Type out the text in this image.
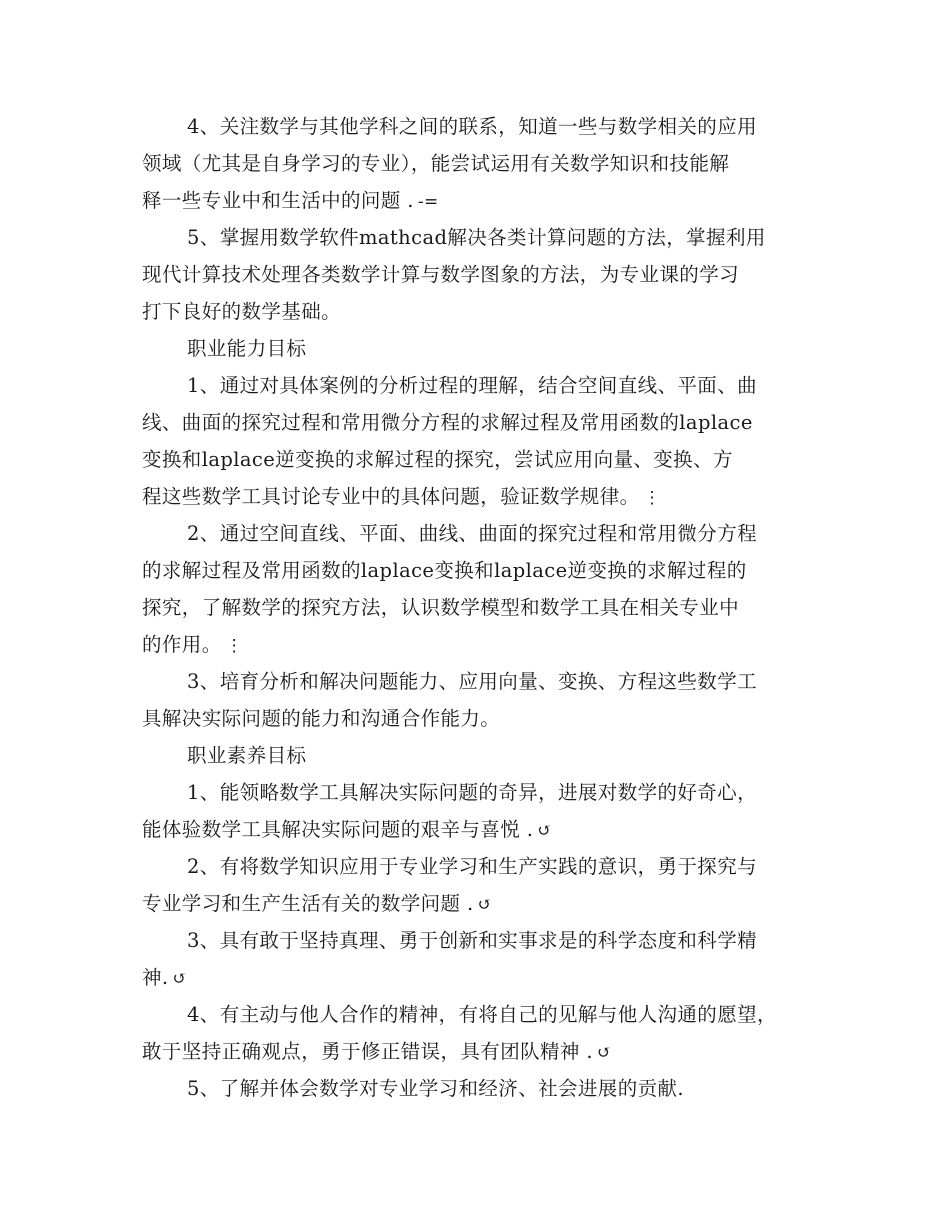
4、关注数学与其他学科之间的联系，知道一些与数学相关的应用
领域（尤其是自身学习的专业），能尝试运用有关数学知识和技能解
释一些专业中和生活中的问题 . -=
5、掌握用数学软件mathcad解决各类计算问题的方法，掌握利用
现代计算技术处理各类数学计算与数学图象的方法，为专业课的学习
打下良好的数学基础。
职业能力目标
1、通过对具体案例的分析过程的理解，结合空间直线、平面、曲
线、曲面的探究过程和常用微分方程的求解过程及常用函数的laplace
变换和laplace逆变换的求解过程的探究，尝试应用向量、变换、方
程这些数学工具讨论专业中的具体问题，验证数学规律。 ⋮
2、通过空间直线、平面、曲线、曲面的探究过程和常用微分方程
的求解过程及常用函数的laplace变换和laplace逆变换的求解过程的
探究，了解数学的探究方法，认识数学模型和数学工具在相关专业中
的作用。 ⋮
3、培育分析和解决问题能力、应用向量、变换、方程这些数学工
具解决实际问题的能力和沟通合作能力。
职业素养目标
1、能领略数学工具解决实际问题的奇异，进展对数学的好奇心，
能体验数学工具解决实际问题的艰辛与喜悦 . ↺
2、有将数学知识应用于专业学习和生产实践的意识，勇于探究与
专业学习和生产生活有关的数学问题 . ↺
3、具有敢于坚持真理、勇于创新和实事求是的科学态度和科学精
神. ↺
4、有主动与他人合作的精神，有将自己的见解与他人沟通的愿望，
敢于坚持正确观点，勇于修正错误，具有团队精神 . ↺
5、了解并体会数学对专业学习和经济、社会进展的贡献.
